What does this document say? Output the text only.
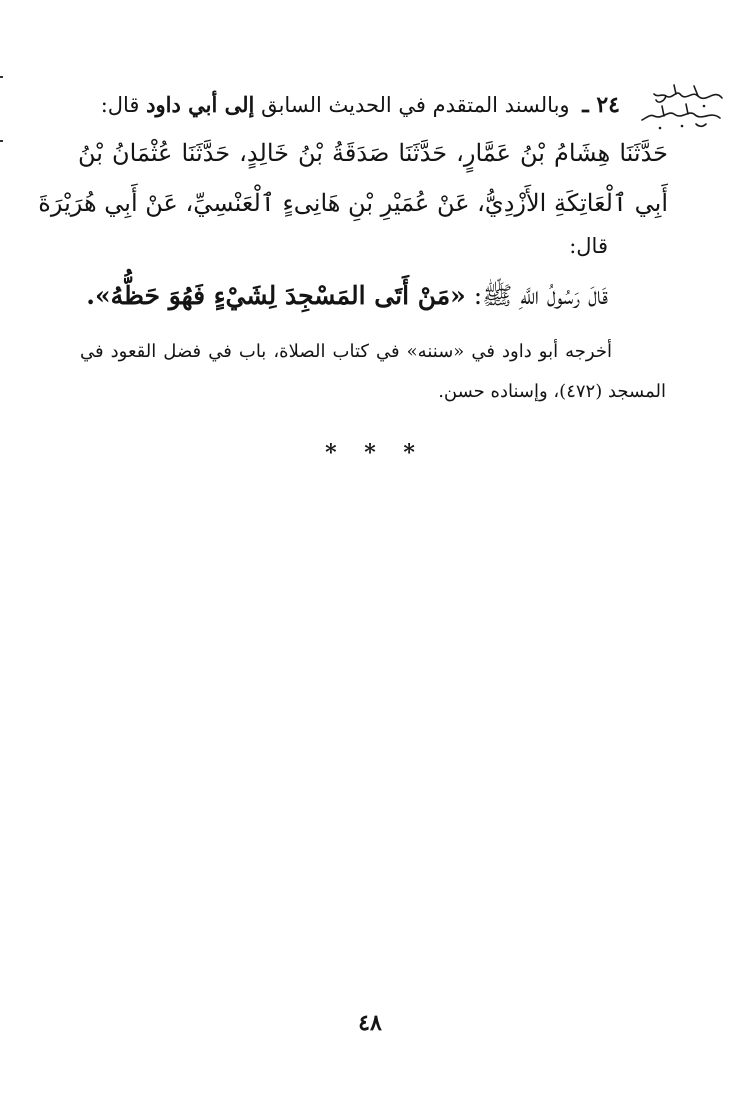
٢٤ ـ وبالسند المتقدم في الحديث السابق إلى أبي داود قال:
حَدَّثَنَا هِشَامُ بْنُ عَمَّارٍ، حَدَّثَنَا صَدَقَةُ بْنُ خَالِدٍ، حَدَّثَنَا عُثْمَانُ بْنُ
أَبِي ٱلْعَاتِكَةِ الأَزْدِيُّ، عَنْ عُمَيْرِ بْنِ هَانِىءٍ ٱلْعَنْسِيِّ، عَنْ أَبِي هُرَيْرَةَ
قال:
قَالَ رَسُولُ اللَّهِ ﷺ: «مَنْ أَتَى المَسْجِدَ لِشَيْءٍ فَهُوَ حَظُّهُ».
أخرجه أبو داود في «سننه» في كتاب الصلاة، باب في فضل القعود في
المسجد (٤٧٢)، وإسناده حسن.
* * *
٤٨
